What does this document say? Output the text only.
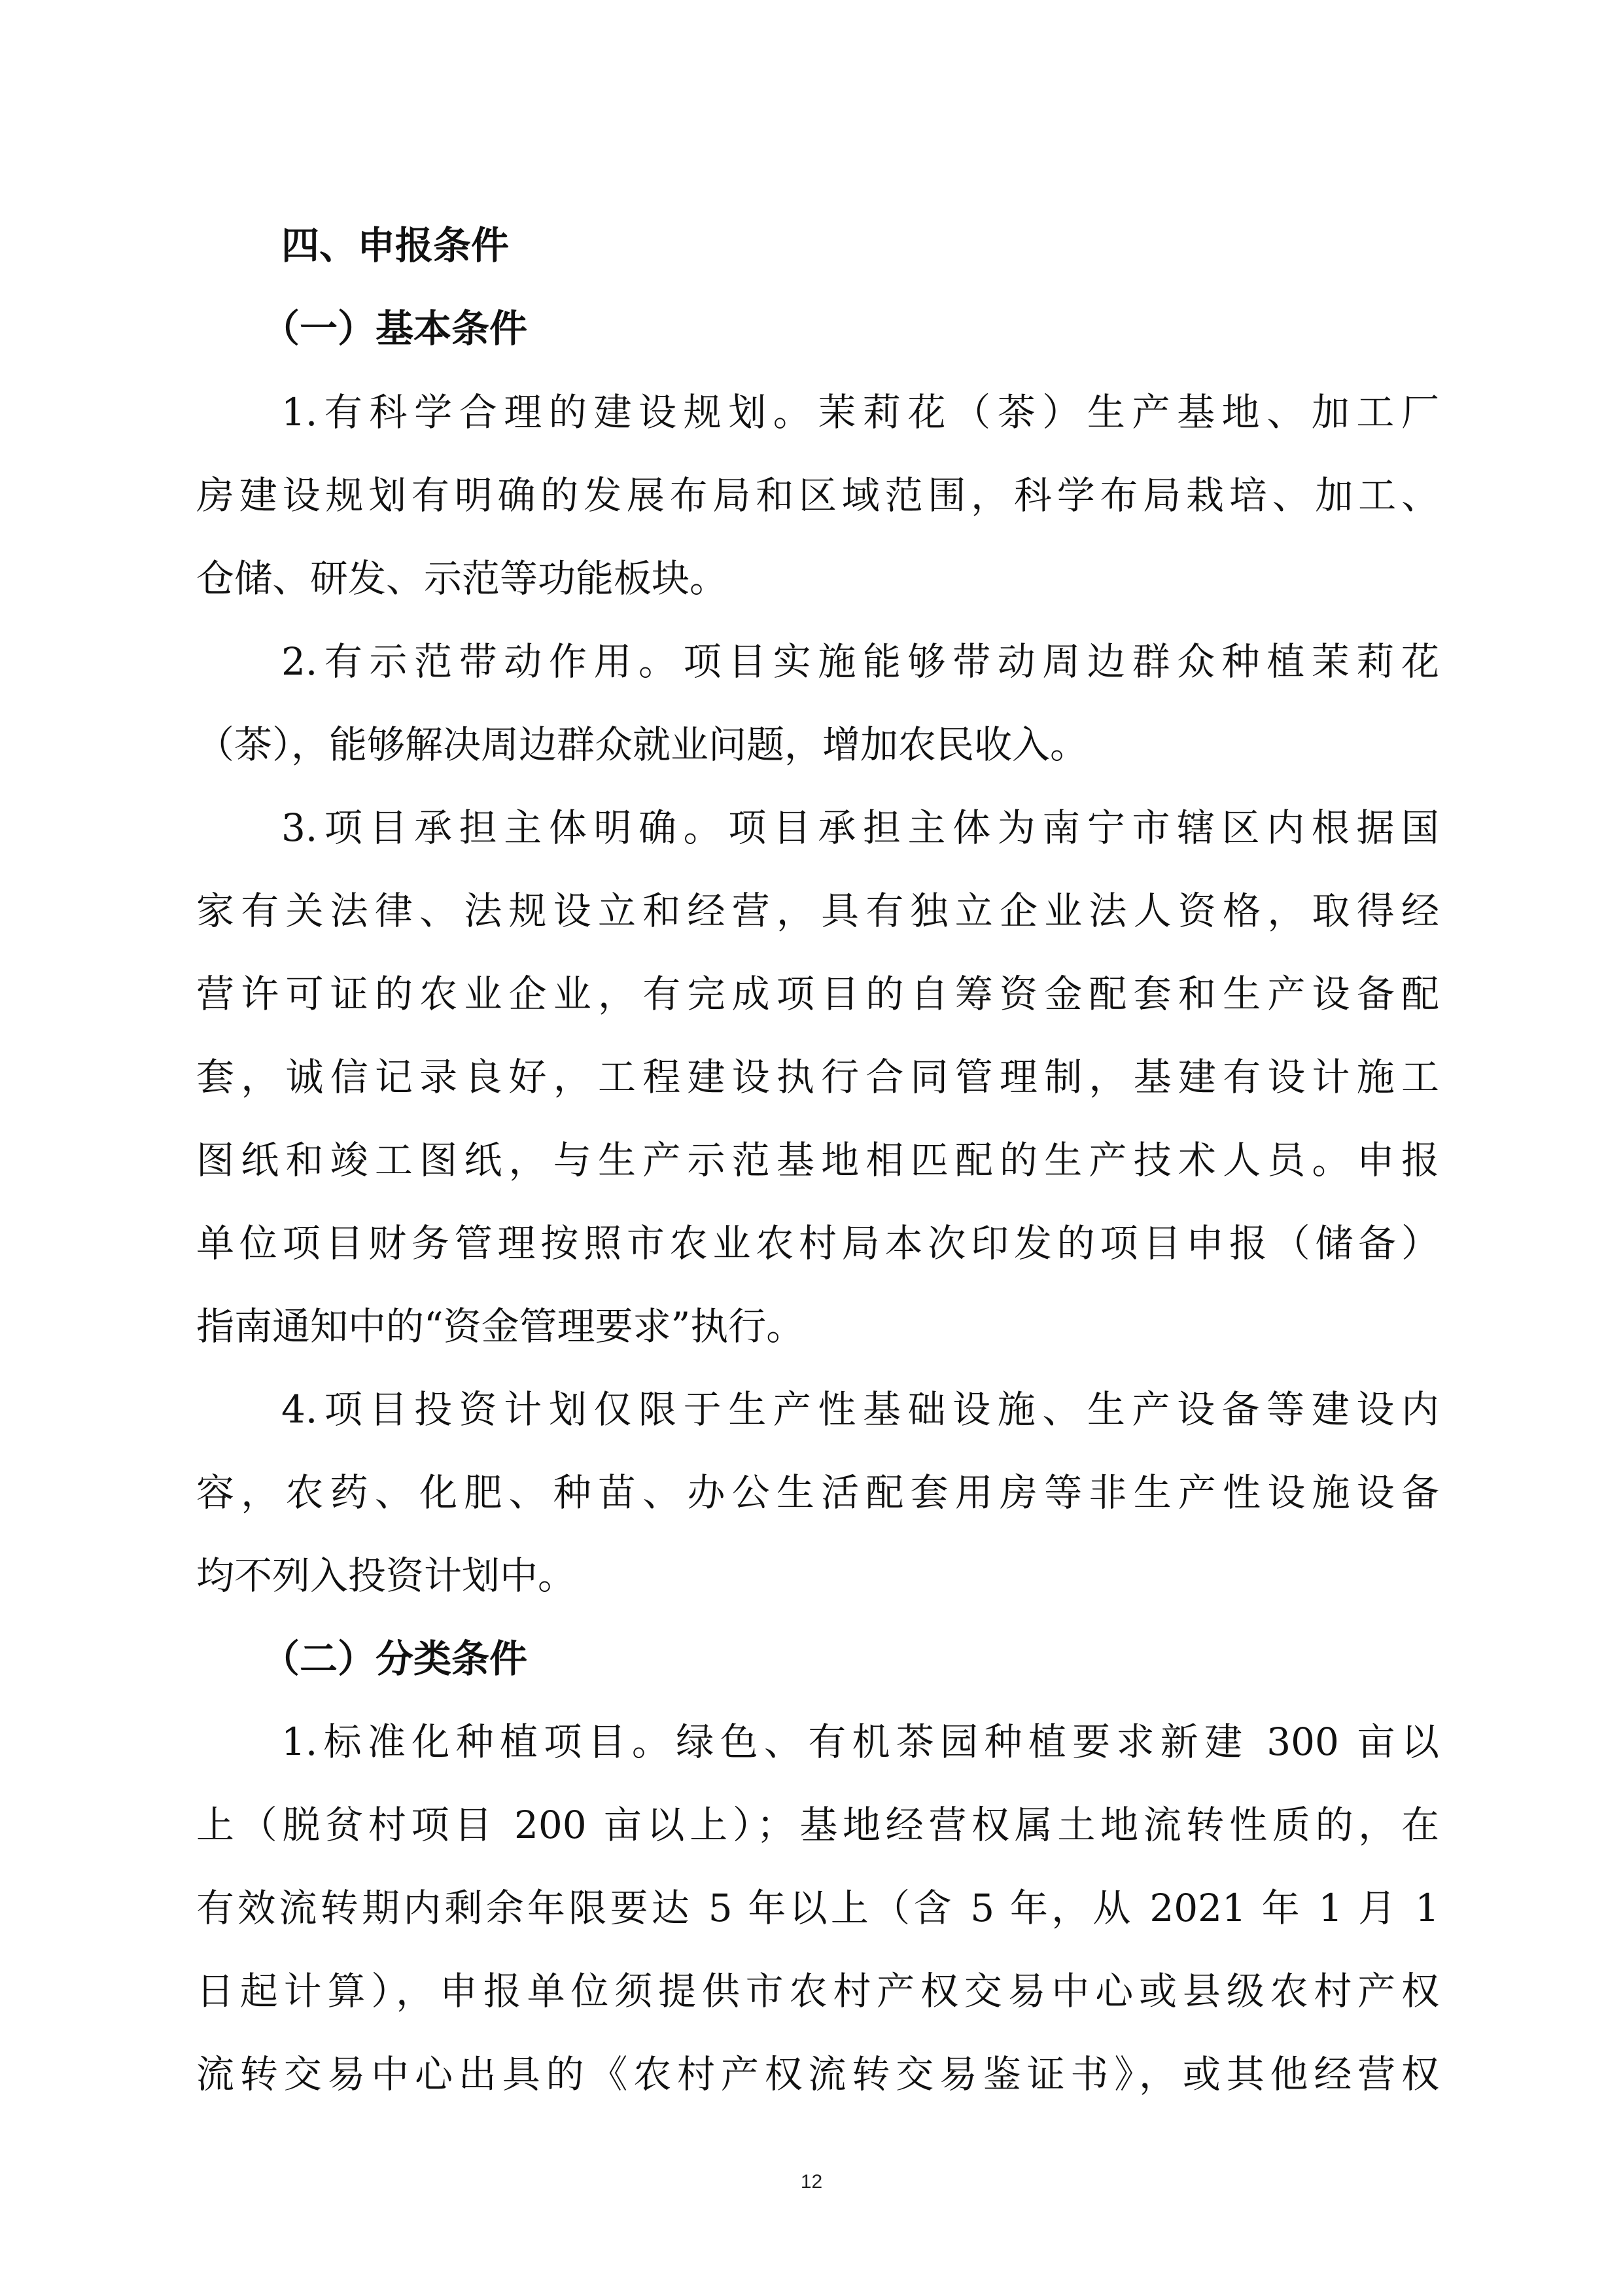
四、申报条件
（一）基本条件
1.有科学合理的建设规划。茉莉花（茶）生产基地、加工厂
房建设规划有明确的发展布局和区域范围，科学布局栽培、加工、
仓储、研发、示范等功能板块。
2.有示范带动作用。项目实施能够带动周边群众种植茉莉花
（茶），能够解决周边群众就业问题，增加农民收入。
3.项目承担主体明确。项目承担主体为南宁市辖区内根据国
家有关法律、法规设立和经营，具有独立企业法人资格，取得经
营许可证的农业企业，有完成项目的自筹资金配套和生产设备配
套，诚信记录良好，工程建设执行合同管理制，基建有设计施工
图纸和竣工图纸，与生产示范基地相匹配的生产技术人员。申报
单位项目财务管理按照市农业农村局本次印发的项目申报（储备）
指南通知中的“资金管理要求”执行。
4.项目投资计划仅限于生产性基础设施、生产设备等建设内
容，农药、化肥、种苗、办公生活配套用房等非生产性设施设备
均不列入投资计划中。
（二）分类条件
1.标准化种植项目。绿色、有机茶园种植要求新建 300 亩以
上（脱贫村项目 200 亩以上）；基地经营权属土地流转性质的，在
有效流转期内剩余年限要达 5 年以上（含 5 年，从 2021 年 1 月 1
日起计算），申报单位须提供市农村产权交易中心或县级农村产权
流转交易中心出具的《农村产权流转交易鉴证书》，或其他经营权
12
